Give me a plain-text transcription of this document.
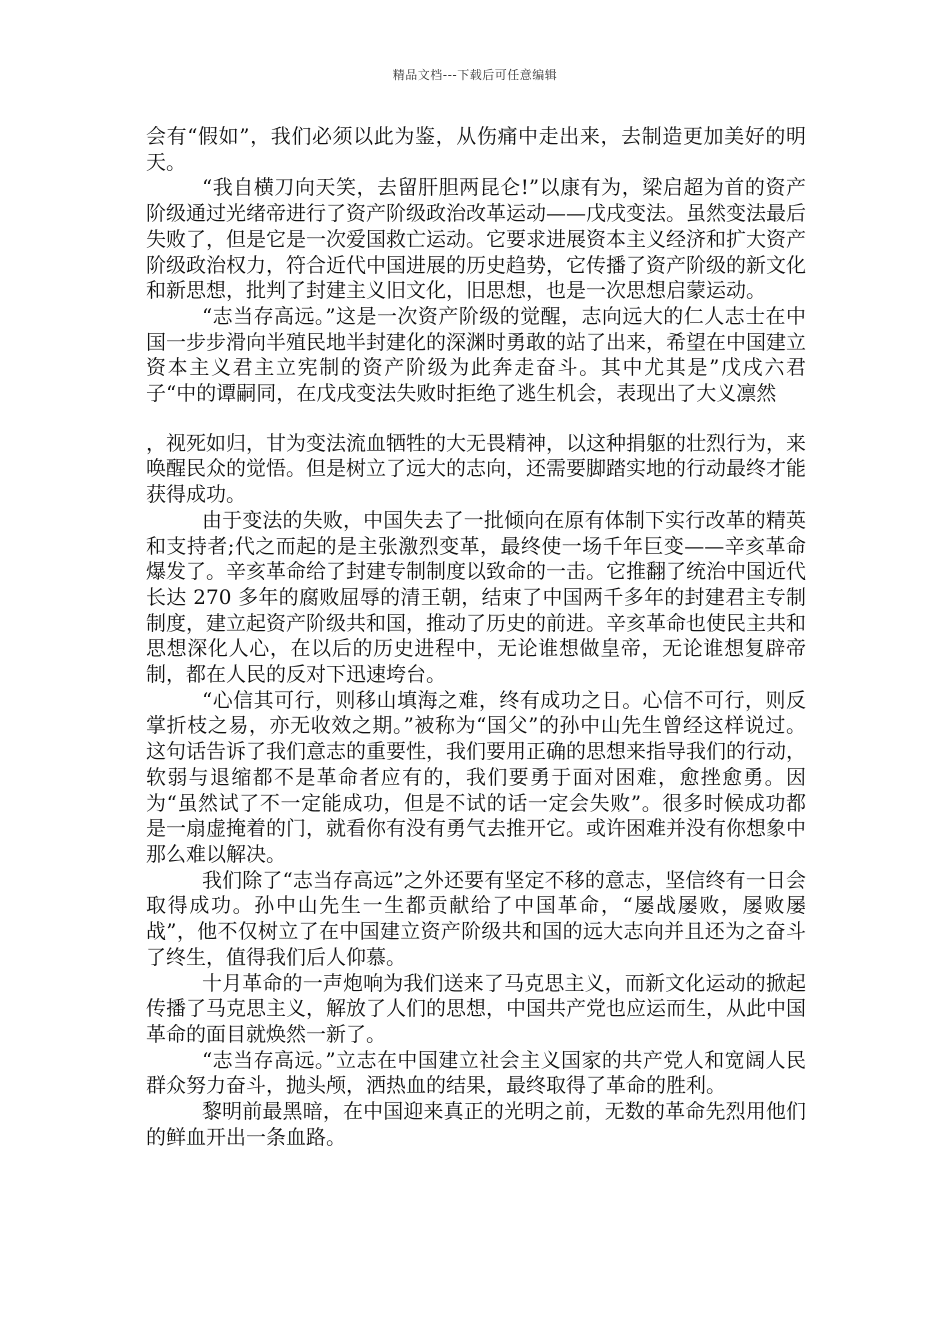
精品文档---下载后可任意编辑

会有“假如”，我们必须以此为鉴，从伤痛中走出来，去制造更加美好的明天。

“我自横刀向天笑，去留肝胆两昆仑!”以康有为，梁启超为首的资产阶级通过光绪帝进行了资产阶级政治改革运动——戊戌变法。虽然变法最后失败了，但是它是一次爱国救亡运动。它要求进展资本主义经济和扩大资产阶级政治权力，符合近代中国进展的历史趋势，它传播了资产阶级的新文化和新思想，批判了封建主义旧文化，旧思想，也是一次思想启蒙运动。

“志当存高远。”这是一次资产阶级的觉醒，志向远大的仁人志士在中国一步步滑向半殖民地半封建化的深渊时勇敢的站了出来，希望在中国建立资本主义君主立宪制的资产阶级为此奔走奋斗。其中尤其是”戊戌六君子“中的谭嗣同，在戊戌变法失败时拒绝了逃生机会，表现出了大义凛然

，视死如归，甘为变法流血牺牲的大无畏精神，以这种捐躯的壮烈行为，来唤醒民众的觉悟。但是树立了远大的志向，还需要脚踏实地的行动最终才能获得成功。

由于变法的失败，中国失去了一批倾向在原有体制下实行改革的精英和支持者;代之而起的是主张激烈变革，最终使一场千年巨变——辛亥革命爆发了。辛亥革命给了封建专制制度以致命的一击。它推翻了统治中国近代长达 270 多年的腐败屈辱的清王朝，结束了中国两千多年的封建君主专制制度，建立起资产阶级共和国，推动了历史的前进。辛亥革命也使民主共和思想深化人心，在以后的历史进程中，无论谁想做皇帝，无论谁想复辟帝制，都在人民的反对下迅速垮台。

“心信其可行，则移山填海之难，终有成功之日。心信不可行，则反掌折枝之易，亦无收效之期。”被称为“国父”的孙中山先生曾经这样说过。这句话告诉了我们意志的重要性，我们要用正确的思想来指导我们的行动，软弱与退缩都不是革命者应有的，我们要勇于面对困难，愈挫愈勇。因为“虽然试了不一定能成功，但是不试的话一定会失败”。很多时候成功都是一扇虚掩着的门，就看你有没有勇气去推开它。或许困难并没有你想象中那么难以解决。

我们除了“志当存高远”之外还要有坚定不移的意志，坚信终有一日会取得成功。孙中山先生一生都贡献给了中国革命，“屡战屡败，屡败屡战”，他不仅树立了在中国建立资产阶级共和国的远大志向并且还为之奋斗了终生，值得我们后人仰慕。

十月革命的一声炮响为我们送来了马克思主义，而新文化运动的掀起传播了马克思主义，解放了人们的思想，中国共产党也应运而生，从此中国革命的面目就焕然一新了。

“志当存高远。”立志在中国建立社会主义国家的共产党人和宽阔人民群众努力奋斗，抛头颅，洒热血的结果，最终取得了革命的胜利。

黎明前最黑暗，在中国迎来真正的光明之前，无数的革命先烈用他们的鲜血开出一条血路。
